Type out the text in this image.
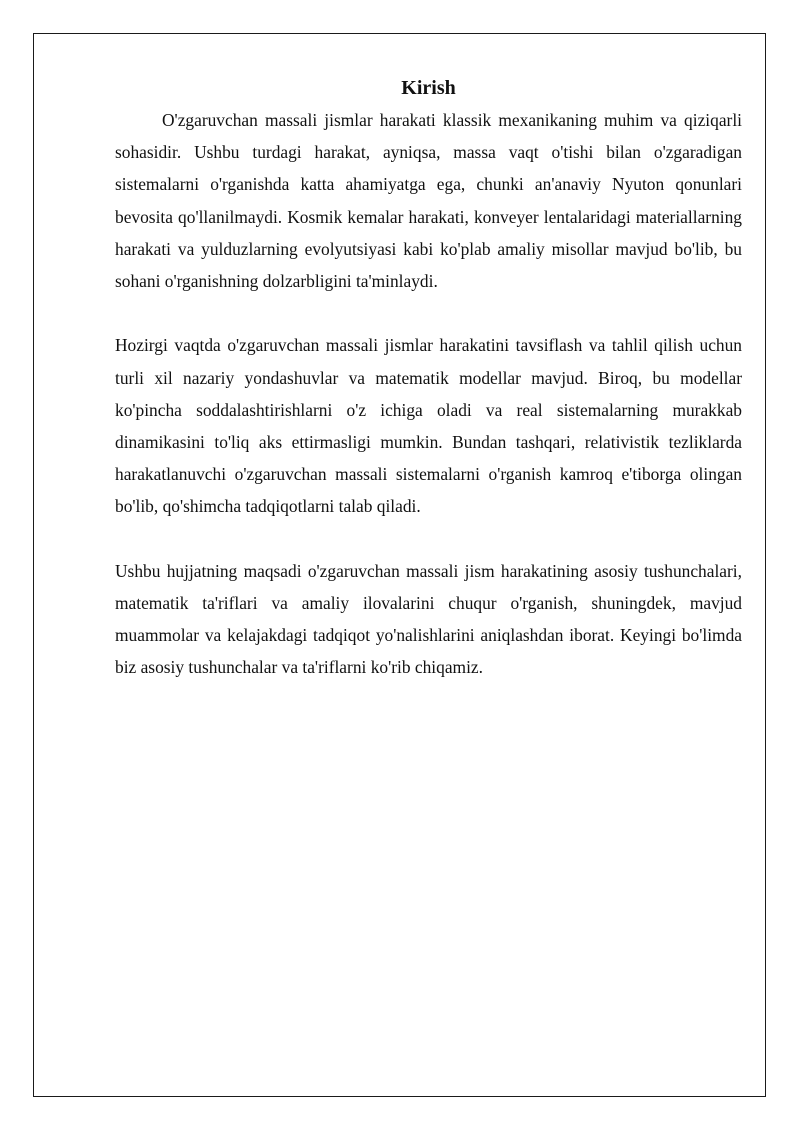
Kirish

O'zgaruvchan massali jismlar harakati klassik mexanikaning muhim va qiziqarli sohasidir. Ushbu turdagi harakat, ayniqsa, massa vaqt o'tishi bilan o'zgaradigan sistemalarni o'rganishda katta ahamiyatga ega, chunki an'anaviy Nyuton qonunlari bevosita qo'llanilmaydi. Kosmik kemalar harakati, konveyer lentalaridagi materiallarning harakati va yulduzlarning evolyutsiyasi kabi ko'plab amaliy misollar mavjud bo'lib, bu sohani o'rganishning dolzarbligini ta'minlaydi.

Hozirgi vaqtda o'zgaruvchan massali jismlar harakatini tavsiflash va tahlil qilish uchun turli xil nazariy yondashuvlar va matematik modellar mavjud. Biroq, bu modellar ko'pincha soddalashtirishlarni o'z ichiga oladi va real sistemalarning murakkab dinamikasini to'liq aks ettirmasligi mumkin. Bundan tashqari, relativistik tezliklarda harakatlanuvchi o'zgaruvchan massali sistemalarni o'rganish kamroq e'tiborga olingan bo'lib, qo'shimcha tadqiqotlarni talab qiladi.

Ushbu hujjatning maqsadi o'zgaruvchan massali jism harakatining asosiy tushunchalari, matematik ta'riflari va amaliy ilovalarini chuqur o'rganish, shuningdek, mavjud muammolar va kelajakdagi tadqiqot yo'nalishlarini aniqlashdan iborat. Keyingi bo'limda biz asosiy tushunchalar va ta'riflarni ko'rib chiqamiz.
